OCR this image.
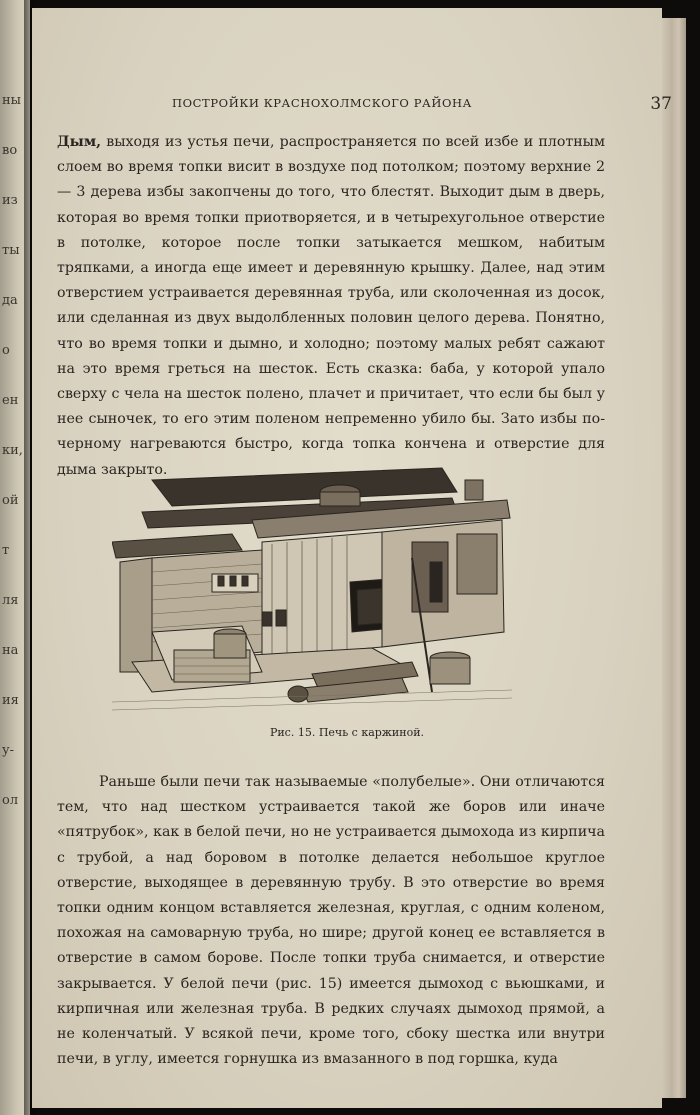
ны
во
из
ты
да
о
ен
ки,
ой
т
ля
на
ия
у-
ол
ПОСТРОЙКИ КРАСНОХОЛМСКОГО РАЙОНА	37

Дым, выходя из устья печи, распространяется по всей избе и плотным слоем во время топки висит в воздухе под потолком; поэтому верхние 2 — 3 дерева избы закопчены до того, что блестят. Выходит дым в дверь, которая во время топки приотворяется, и в четырехугольное отверстие в потолке, которое после топки затыкается мешком, набитым тряпками, а иногда еще имеет и деревянную крышку. Далее, над этим отверстием устраивается деревянная труба, или сколоченная из досок, или сделанная из двух выдолбленных половин целого дерева. Понятно, что во время топки и дымно, и холодно; поэтому малых ребят сажают на это время греться на шесток. Есть сказка: баба, у которой упало сверху с чела на шесток полено, плачет и причитает, что если бы был у нее сыночек, то его этим поленом непременно убило бы. Зато избы по-черному нагреваются быстро, когда топка кончена и отверстие для дыма закрыто.

Рис. 15. Печь с каржиной.

Раньше были печи так называемые «полубелые». Они отличаются тем, что над шестком устраивается такой же боров или иначе «пятрубок», как в белой печи, но не устраивается дымохода из кирпича с трубой, а над боровом в потолке делается небольшое круглое отверстие, выходящее в деревянную трубу. В это отверстие во время топки одним концом вставляется железная, круглая, с одним коленом, похожая на самоварную труба, но шире; другой конец ее вставляется в отверстие в самом борове. После топки труба снимается, и отверстие закрывается. У белой печи (рис. 15) имеется дымоход с вьюшками, и кирпичная или железная труба. В редких случаях дымоход прямой, а не коленчатый. У всякой печи, кроме того, сбоку шестка или внутри печи, в углу, имеется горнушка из вмазанного в под горшка, куда
